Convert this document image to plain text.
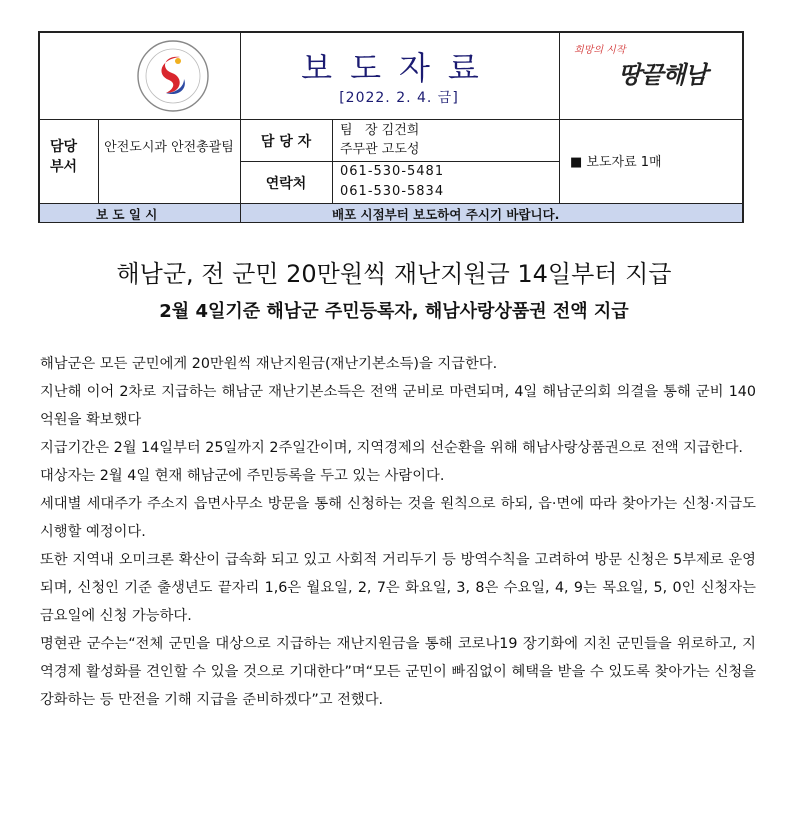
보도자료
[2022. 2. 4. 금]
희망의 시작
땅끝해남
담당부서
안전도시과 안전총괄팀	담 당 자
팀   장 김건희
주무관 고도성
연락처
061-530-5481
061-530-5834
■ 보도자료 1매
보 도 일 시	배포 시점부터 보도하여 주시기 바랍니다.
해남군, 전 군민 20만원씩 재난지원금 14일부터 지급
2월 4일기준 해남군 주민등록자, 해남사랑상품권 전액 지급

해남군은 모든 군민에게 20만원씩 재난지원금(재난기본소득)을 지급한다.

지난해 이어 2차로 지급하는 해남군 재난기본소득은 전액 군비로 마련되며, 4일 해남군의회 의결을 통해 군비 140억원을 확보했다

지급기간은 2월 14일부터 25일까지 2주일간이며, 지역경제의 선순환을 위해 해남사랑상품권으로 전액 지급한다.

대상자는 2월 4일 현재 해남군에 주민등록을 두고 있는 사람이다.

세대별 세대주가 주소지 읍면사무소 방문을 통해 신청하는 것을 원칙으로 하되, 읍·면에 따라 찾아가는 신청·지급도 시행할 예정이다.

또한 지역내 오미크론 확산이 급속화 되고 있고 사회적 거리두기 등 방역수칙을 고려하여 방문 신청은 5부제로 운영되며, 신청인 기준 출생년도 끝자리 1,6은 월요일, 2, 7은 화요일, 3, 8은 수요일, 4, 9는 목요일, 5, 0인 신청자는 금요일에 신청 가능하다.

명현관 군수는“전체 군민을 대상으로 지급하는 재난지원금을 통해 코로나19 장기화에 지친 군민들을 위로하고, 지역경제 활성화를 견인할 수 있을 것으로 기대한다”며“모든 군민이 빠짐없이 혜택을 받을 수 있도록 찾아가는 신청을 강화하는 등 만전을 기해 지급을 준비하겠다”고 전했다.
